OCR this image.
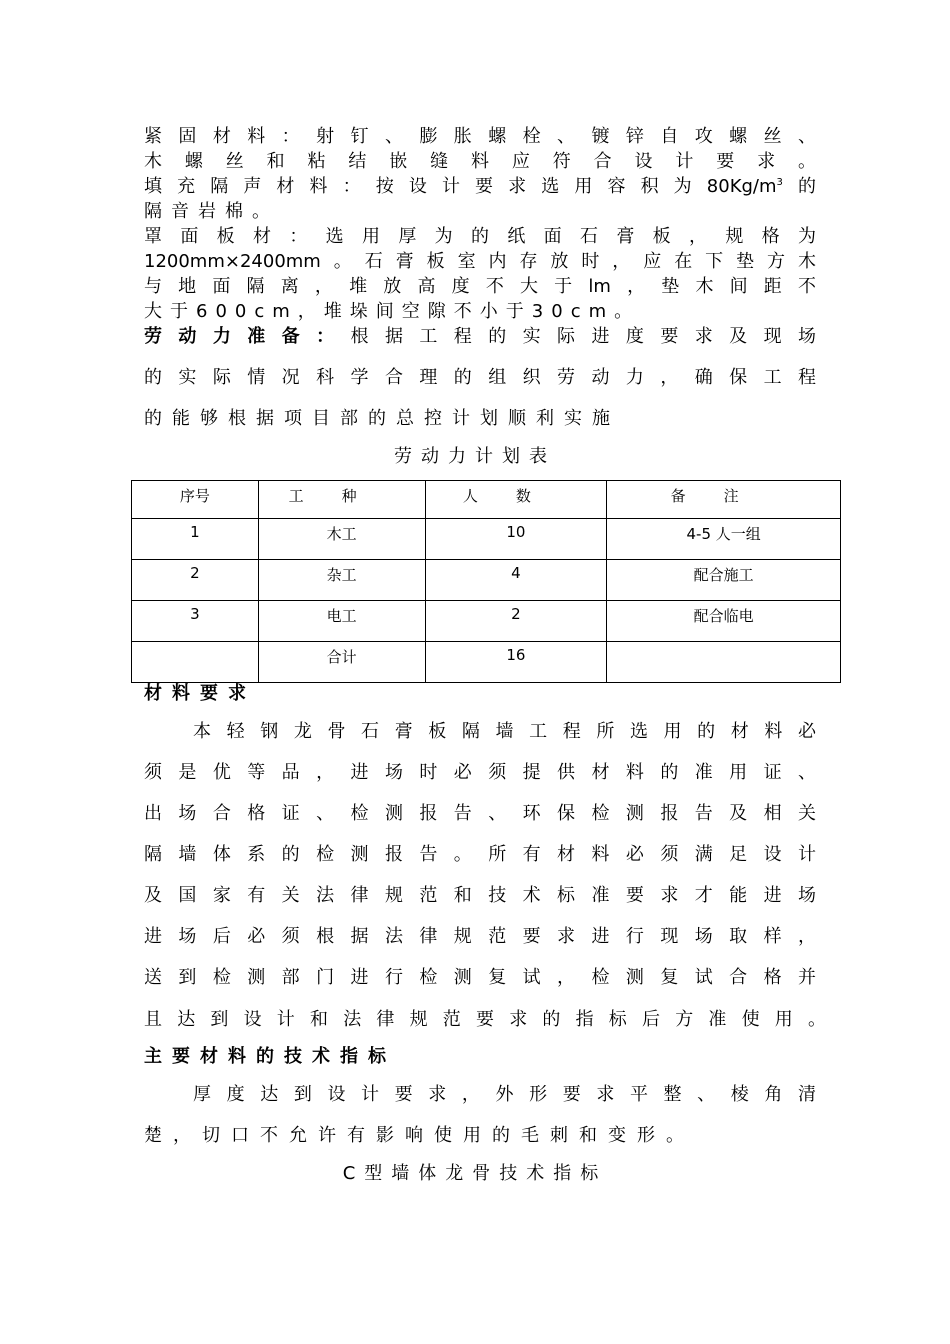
紧固材料：射钉、膨胀螺栓、镀锌自攻螺丝、

木螺丝和粘结嵌缝料应符合设计要求。

填充隔声材料：按设计要求选用容积为$80Kg/m^3$的

隔音岩棉。

罩面板材：选用厚为的纸面石膏板，规格为

1200mm×2400mm。石膏板室内存放时，应在下垫方木

与地面隔离，堆放高度不大于lm，垫木间距不

大于600cm，堆垛间空隙不小于30cm。

劳动力准备：根据工程的实际进度要求及现场

的实际情况科学合理的组织劳动力，确保工程

的能够根据项目部的总控计划顺利实施

劳动力计划表

序号	工种	人数	备注
1	木工	10	4-5 人一组
2	杂工	4	配合施工
3	电工	2	配合临电
	合计	16	

材料要求

本轻钢龙骨石膏板隔墙工程所选用的材料必

须是优等品，进场时必须提供材料的准用证、

出场合格证、检测报告、环保检测报告及相关

隔墙体系的检测报告。所有材料必须满足设计

及国家有关法律规范和技术标准要求才能进场

进场后必须根据法律规范要求进行现场取样，

送到检测部门进行检测复试，检测复试合格并

且达到设计和法律规范要求的指标后方准使用。

主要材料的技术指标

厚度达到设计要求，外形要求平整、棱角清

楚，切口不允许有影响使用的毛刺和变形。

C型墙体龙骨技术指标
